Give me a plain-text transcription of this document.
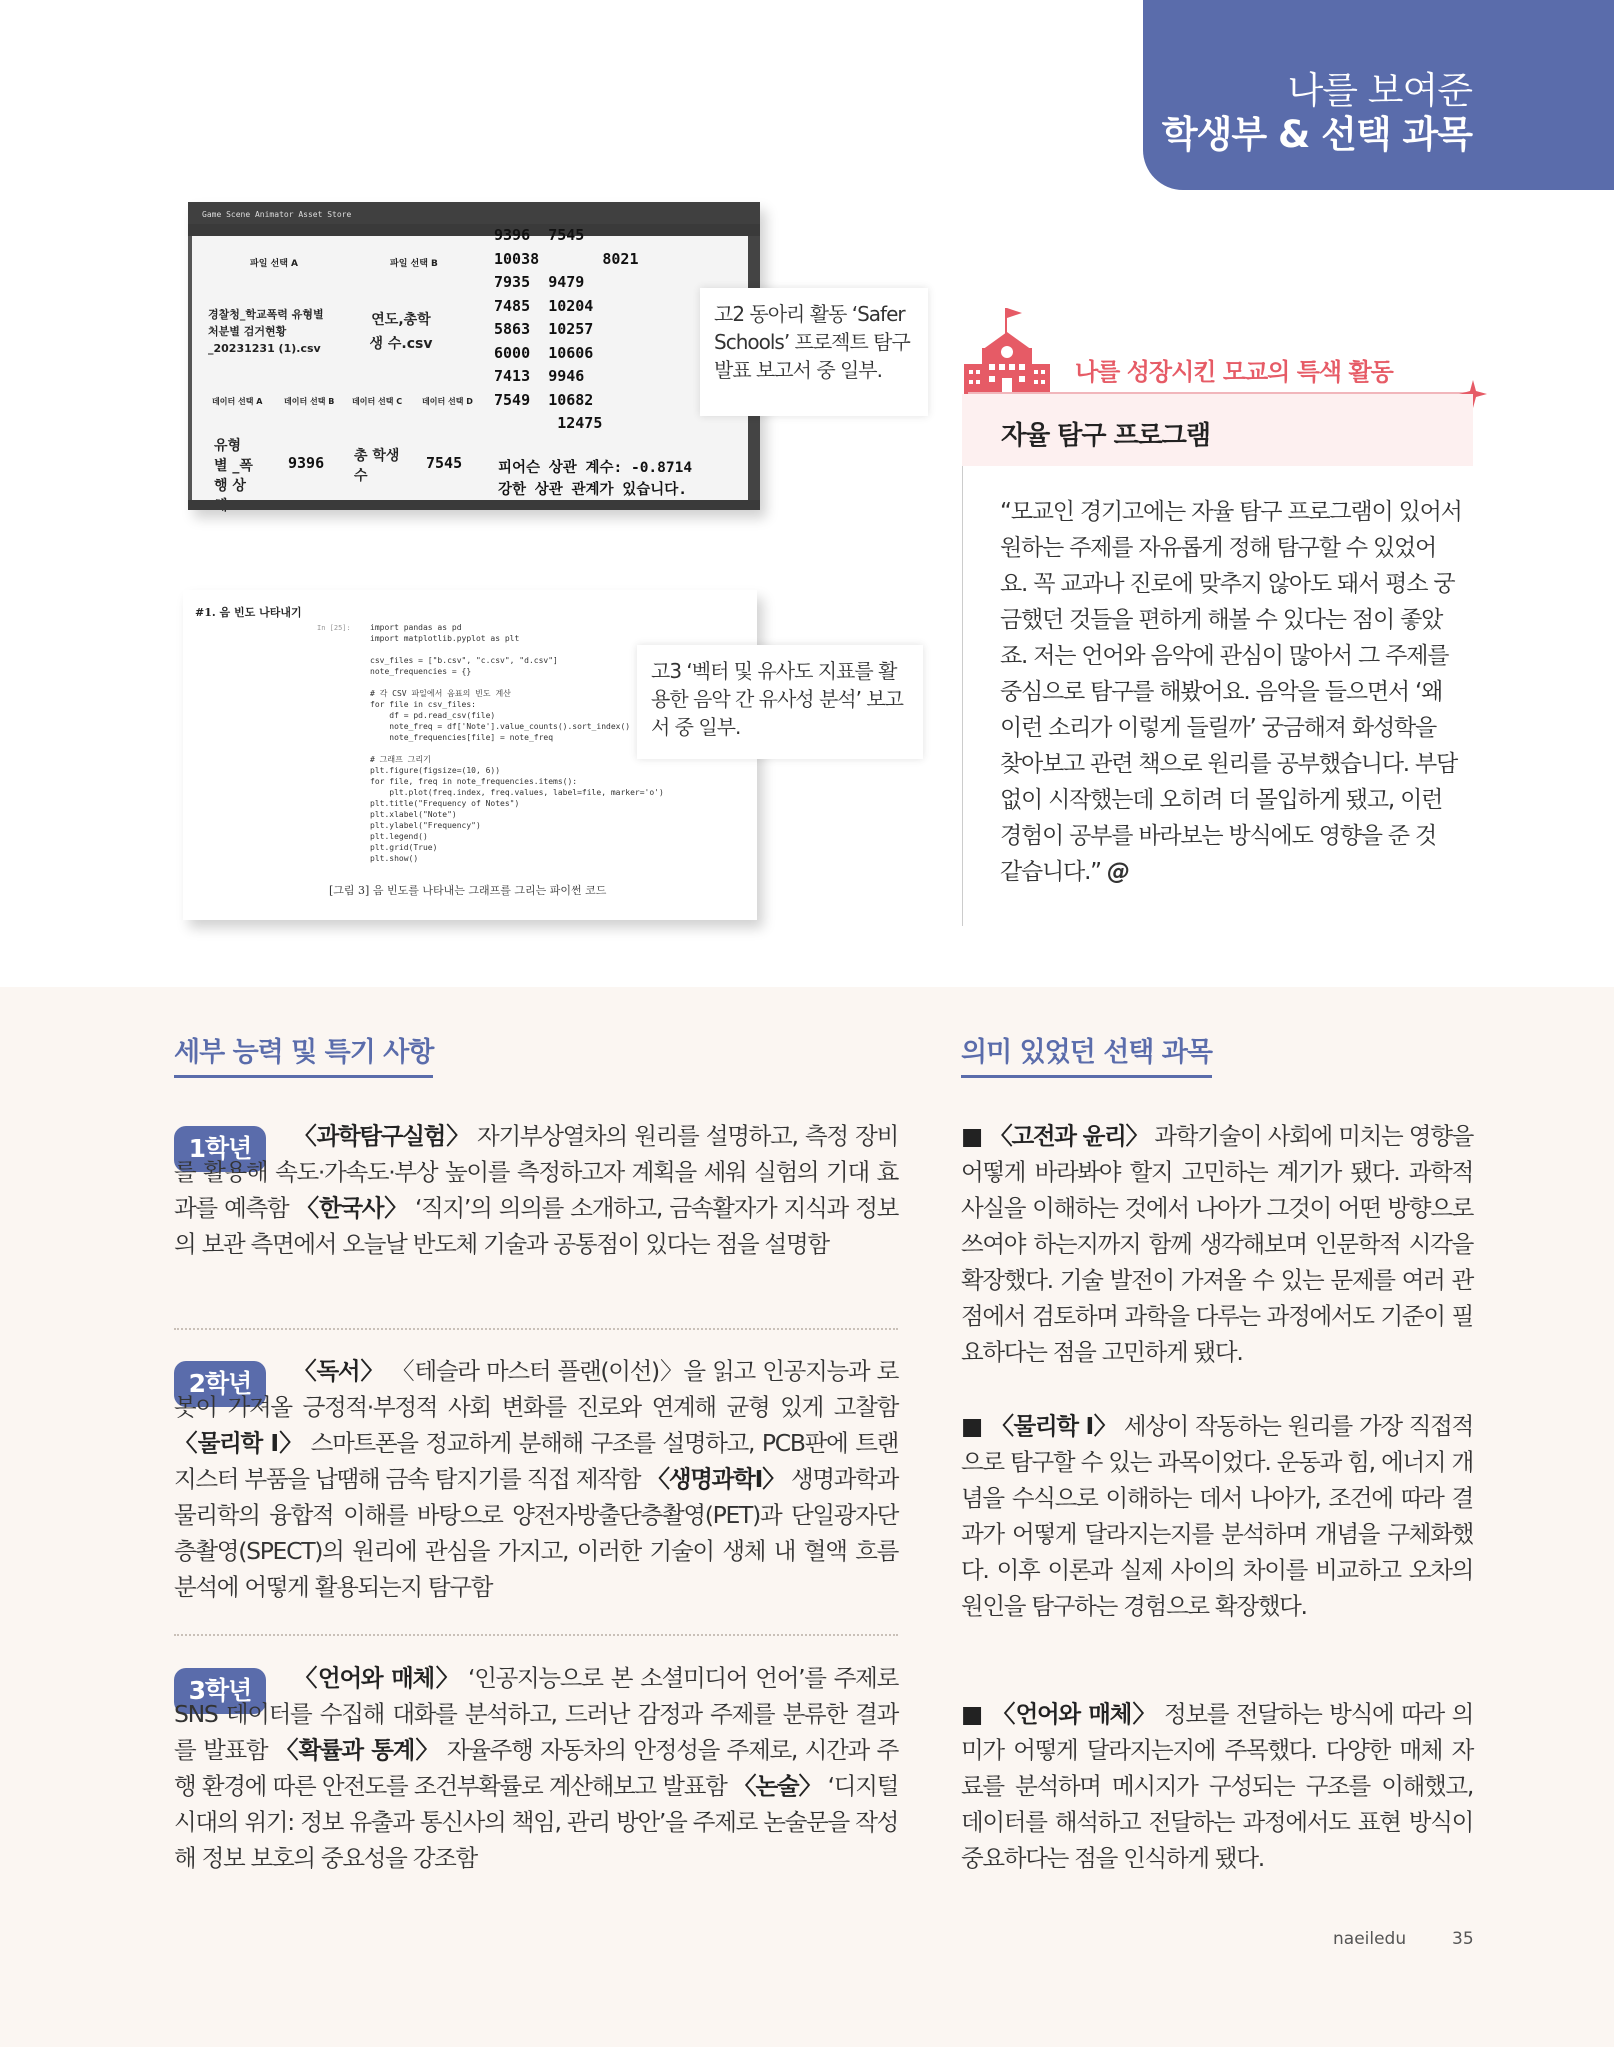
나를 보여준
학생부 & 선택 과목
Game Scene Animator Asset Store
파일 선택 A	파일 선택 B
경찰청_학교폭력 유형별 처분별 검거현황 _20231231 (1).csv
연도,총학생 수.csv
데이터 선택 A	데이터 선택 B 데이터 선택 C 데이터 선택 D
9396 7545
10038	8021
7935 9479
7485 10204
5863 10257
6000 10606
7413 9946
7549 10682
12475
유형별 _폭행 상
9396 총 학생 수
7545 피어슨 상관 계수: -0.8714
강한 상관 관계가 있습니다.
고2 동아리 활동 ‘Safer Schools’ 프로젝트 탐구 발표 보고서 중 일부.
#1. 음 빈도 나타내기
In [25]: import pandas as pd
import matplotlib.pyplot as plt

csv_files = ["b.csv", "c.csv", "d.csv"]
note_frequencies = {}

# 각 CSV 파일에서 음표의 빈도 계산
for file in csv_files:
df = pd.read_csv(file)
note_freq = df['Note'].value_counts().sort_index()
note_frequencies[file] = note_freq

# 그래프 그리기
plt.figure(figsize=(10, 6))
for file, freq in note_frequencies.items():
plt.plot(freq.index, freq.values, label=file, marker='o')
plt.title("Frequency of Notes")
plt.xlabel("Note")
plt.ylabel("Frequency")
plt.legend()
plt.grid(True)
plt.show()
[그림 3] 음 빈도를 나타내는 그래프를 그리는 파이썬 코드
고3 ‘벡터 및 유사도 지표를 활용한 음악 간 유사성 분석’ 보고서 중 일부.
나를 성장시킨 모교의 특색 활동
자율 탐구 프로그램
“모교인 경기고에는 자율 탐구 프로그램이 있어서 원하는 주제를 자유롭게 정해 탐구할 수 있었어요. 꼭 교과나 진로에 맞추지 않아도 돼서 평소 궁금했던 것들을 편하게 해볼 수 있다는 점이 좋았죠. 저는 언어와 음악에 관심이 많아서 그 주제를 중심으로 탐구를 해봤어요. 음악을 들으면서 ‘왜 이런 소리가 이렇게 들릴까’ 궁금해져 화성학을 찾아보고 관련 책으로 원리를 공부했습니다. 부담 없이 시작했는데 오히려 더 몰입하게 됐고, 이런 경험이 공부를 바라보는 방식에도 영향을 준 것 같습니다.” @
세부 능력 및 특기 사항	의미 있었던 선택 과목
1학년	〈과학탐구실험〉 자기부상열차의 원리를 설명하고, 측정 장비를 활용해 속도·가속도·부상 높이를 측정하고자 계획을 세워 실험의 기대 효과를 예측함 〈한국사〉 ‘직지’의 의의를 소개하고, 금속활자가 지식과 정보의 보관 측면에서 오늘날 반도체 기술과 공통점이 있다는 점을 설명함
2학년	〈독서〉 〈테슬라 마스터 플랜(이선)〉을 읽고 인공지능과 로봇이 가져올 긍정적·부정적 사회 변화를 진로와 연계해 균형 있게 고찰함 〈물리학 Ⅰ〉 스마트폰을 정교하게 분해해 구조를 설명하고, PCB판에 트랜지스터 부품을 납땜해 금속 탐지기를 직접 제작함 〈생명과학Ⅰ〉 생명과학과 물리학의 융합적 이해를 바탕으로 양전자방출단층촬영(PET)과 단일광자단층촬영(SPECT)의 원리에 관심을 가지고, 이러한 기술이 생체 내 혈액 흐름 분석에 어떻게 활용되는지 탐구함
3학년	〈언어와 매체〉 ‘인공지능으로 본 소셜미디어 언어’를 주제로 SNS 데이터를 수집해 대화를 분석하고, 드러난 감정과 주제를 분류한 결과를 발표함 〈확률과 통계〉 자율주행 자동차의 안정성을 주제로, 시간과 주행 환경에 따른 안전도를 조건부확률로 계산해보고 발표함 〈논술〉 ‘디지털 시대의 위기: 정보 유출과 통신사의 책임, 관리 방안’을 주제로 논술문을 작성해 정보 보호의 중요성을 강조함
■ 〈고전과 윤리〉 과학기술이 사회에 미치는 영향을 어떻게 바라봐야 할지 고민하는 계기가 됐다. 과학적 사실을 이해하는 것에서 나아가 그것이 어떤 방향으로 쓰여야 하는지까지 함께 생각해보며 인문학적 시각을 확장했다. 기술 발전이 가져올 수 있는 문제를 여러 관점에서 검토하며 과학을 다루는 과정에서도 기준이 필요하다는 점을 고민하게 됐다.
■ 〈물리학 Ⅰ〉 세상이 작동하는 원리를 가장 직접적으로 탐구할 수 있는 과목이었다. 운동과 힘, 에너지 개념을 수식으로 이해하는 데서 나아가, 조건에 따라 결과가 어떻게 달라지는지를 분석하며 개념을 구체화했다. 이후 이론과 실제 사이의 차이를 비교하고 오차의 원인을 탐구하는 경험으로 확장했다.
■ 〈언어와 매체〉 정보를 전달하는 방식에 따라 의미가 어떻게 달라지는지에 주목했다. 다양한 매체 자료를 분석하며 메시지가 구성되는 구조를 이해했고, 데이터를 해석하고 전달하는 과정에서도 표현 방식이 중요하다는 점을 인식하게 됐다.
naeiledu	35
